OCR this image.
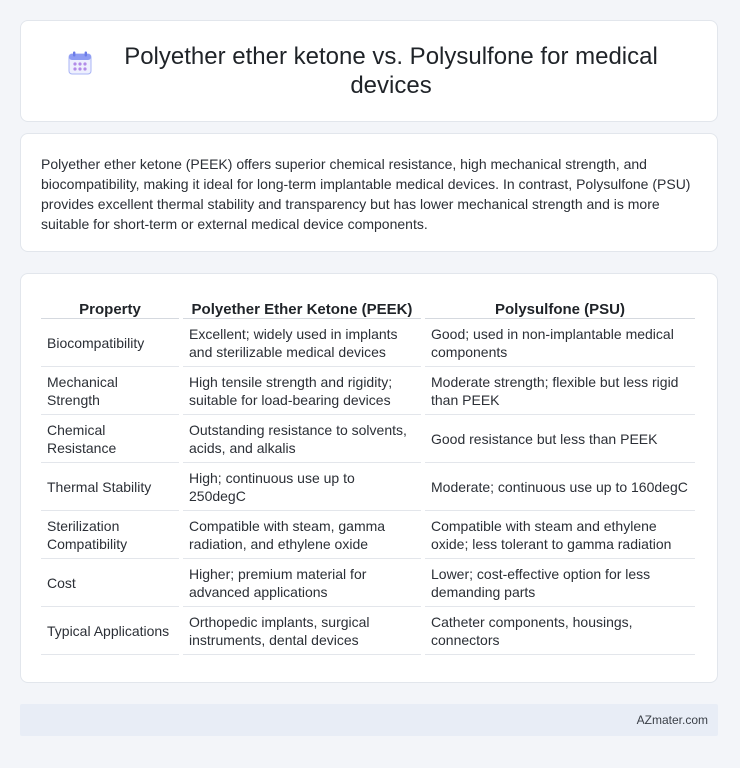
Polyether ether ketone vs. Polysulfone for medical devices

Polyether ether ketone (PEEK) offers superior chemical resistance, high mechanical strength, and biocompatibility, making it ideal for long-term implantable medical devices. In contrast, Polysulfone (PSU) provides excellent thermal stability and transparency but has lower mechanical strength and is more suitable for short-term or external medical device components.

Property	Polyether Ether Ketone (PEEK)	Polysulfone (PSU)
Biocompatibility	Excellent; widely used in implants and sterilizable medical devices	Good; used in non-implantable medical components
Mechanical Strength	High tensile strength and rigidity; suitable for load-bearing devices	Moderate strength; flexible but less rigid than PEEK
Chemical Resistance	Outstanding resistance to solvents, acids, and alkalis	Good resistance but less than PEEK
Thermal Stability	High; continuous use up to 250degC	Moderate; continuous use up to 160degC
Sterilization Compatibility	Compatible with steam, gamma radiation, and ethylene oxide	Compatible with steam and ethylene oxide; less tolerant to gamma radiation
Cost	Higher; premium material for advanced applications	Lower; cost-effective option for less demanding parts
Typical Applications	Orthopedic implants, surgical instruments, dental devices	Catheter components, housings, connectors
AZmater.com
